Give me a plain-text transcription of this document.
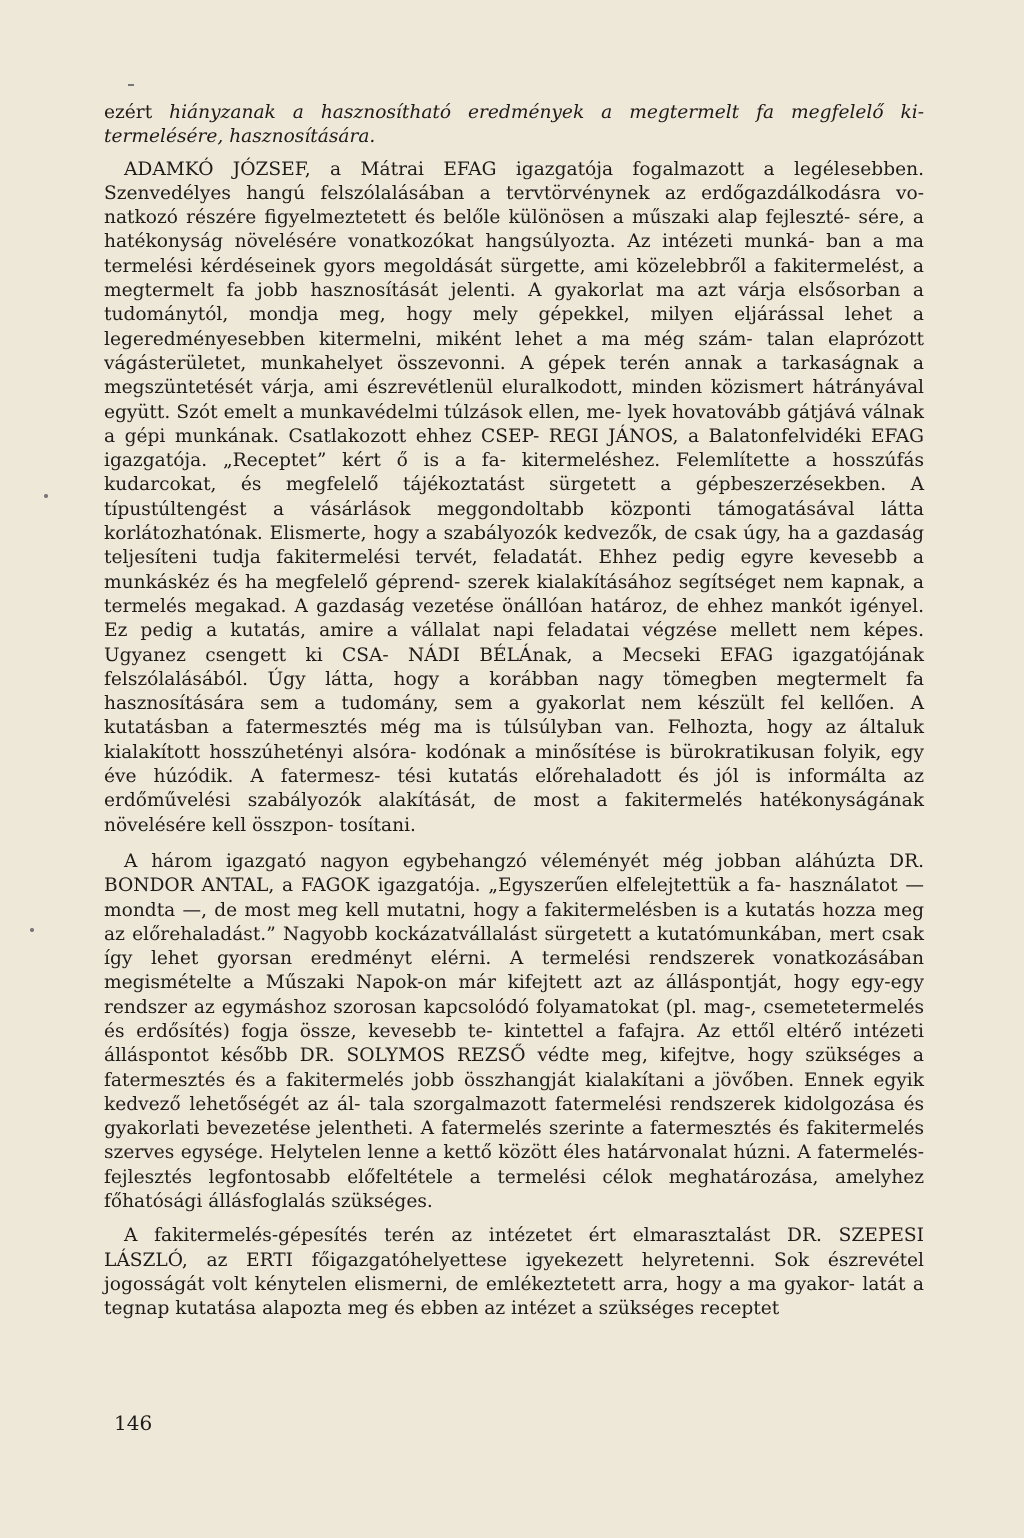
ezért hiányzanak a hasznosítható eredmények a megtermelt fa megfelelő ki- termelésére, hasznosítására.

ADAMKÓ JÓZSEF, a Mátrai EFAG igazgatója fogalmazott a legélesebben. Szenvedélyes hangú felszólalásában a tervtörvénynek az erdőgazdálkodásra vo- natkozó részére figyelmeztetett és belőle különösen a műszaki alap fejleszté- sére, a hatékonyság növelésére vonatkozókat hangsúlyozta. Az intézeti munká- ban a ma termelési kérdéseinek gyors megoldását sürgette, ami közelebbről a fakitermelést, a megtermelt fa jobb hasznosítását jelenti. A gyakorlat ma azt várja elsősorban a tudománytól, mondja meg, hogy mely gépekkel, milyen eljárással lehet a legeredményesebben kitermelni, miként lehet a ma még szám- talan elaprózott vágásterületet, munkahelyet összevonni. A gépek terén annak a tarkaságnak a megszüntetését várja, ami észrevétlenül eluralkodott, minden közismert hátrányával együtt. Szót emelt a munkavédelmi túlzások ellen, me- lyek hovatovább gátjává válnak a gépi munkának. Csatlakozott ehhez CSEP- REGI JÁNOS, a Balatonfelvidéki EFAG igazgatója. „Receptet” kért ő is a fa- kitermeléshez. Felemlítette a hosszúfás kudarcokat, és megfelelő tájékoztatást sürgetett a gépbeszerzésekben. A típustúltengést a vásárlások meggondoltabb központi támogatásával látta korlátozhatónak. Elismerte, hogy a szabályozók kedvezők, de csak úgy, ha a gazdaság teljesíteni tudja fakitermelési tervét, feladatát. Ehhez pedig egyre kevesebb a munkáskéz és ha megfelelő géprend- szerek kialakításához segítséget nem kapnak, a termelés megakad. A gazdaság vezetése önállóan határoz, de ehhez mankót igényel. Ez pedig a kutatás, amire a vállalat napi feladatai végzése mellett nem képes. Ugyanez csengett ki CSA- NÁDI BÉLÁnak, a Mecseki EFAG igazgatójának felszólalásából. Úgy látta, hogy a korábban nagy tömegben megtermelt fa hasznosítására sem a tudomány, sem a gyakorlat nem készült fel kellően. A kutatásban a fatermesztés még ma is túlsúlyban van. Felhozta, hogy az általuk kialakított hosszúhetényi alsóra- kodónak a minősítése is bürokratikusan folyik, egy éve húzódik. A fatermesz- tési kutatás előrehaladott és jól is informálta az erdőművelési szabályozók alakítását, de most a fakitermelés hatékonyságának növelésére kell összpon- tosítani.

A három igazgató nagyon egybehangzó véleményét még jobban aláhúzta DR. BONDOR ANTAL, a FAGOK igazgatója. „Egyszerűen elfelejtettük a fa- használatot — mondta —, de most meg kell mutatni, hogy a fakitermelésben is a kutatás hozza meg az előrehaladást.” Nagyobb kockázatvállalást sürgetett a kutatómunkában, mert csak így lehet gyorsan eredményt elérni. A termelési rendszerek vonatkozásában megismételte a Műszaki Napok-on már kifejtett azt az álláspontját, hogy egy-egy rendszer az egymáshoz szorosan kapcsolódó folyamatokat (pl. mag-, csemetetermelés és erdősítés) fogja össze, kevesebb te- kintettel a fafajra. Az ettől eltérő intézeti álláspontot később DR. SOLYMOS REZSŐ védte meg, kifejtve, hogy szükséges a fatermesztés és a fakitermelés jobb összhangját kialakítani a jövőben. Ennek egyik kedvező lehetőségét az ál- tala szorgalmazott fatermelési rendszerek kidolgozása és gyakorlati bevezetése jelentheti. A fatermelés szerinte a fatermesztés és fakitermelés szerves egysége. Helytelen lenne a kettő között éles határvonalat húzni. A fatermelés-fejlesztés legfontosabb előfeltétele a termelési célok meghatározása, amelyhez főhatósági állásfoglalás szükséges.

A fakitermelés-gépesítés terén az intézetet ért elmarasztalást DR. SZEPESI LÁSZLÓ, az ERTI főigazgatóhelyettese igyekezett helyretenni. Sok észrevétel jogosságát volt kénytelen elismerni, de emlékeztetett arra, hogy a ma gyakor- latát a tegnap kutatása alapozta meg és ebben az intézet a szükséges receptet

146
